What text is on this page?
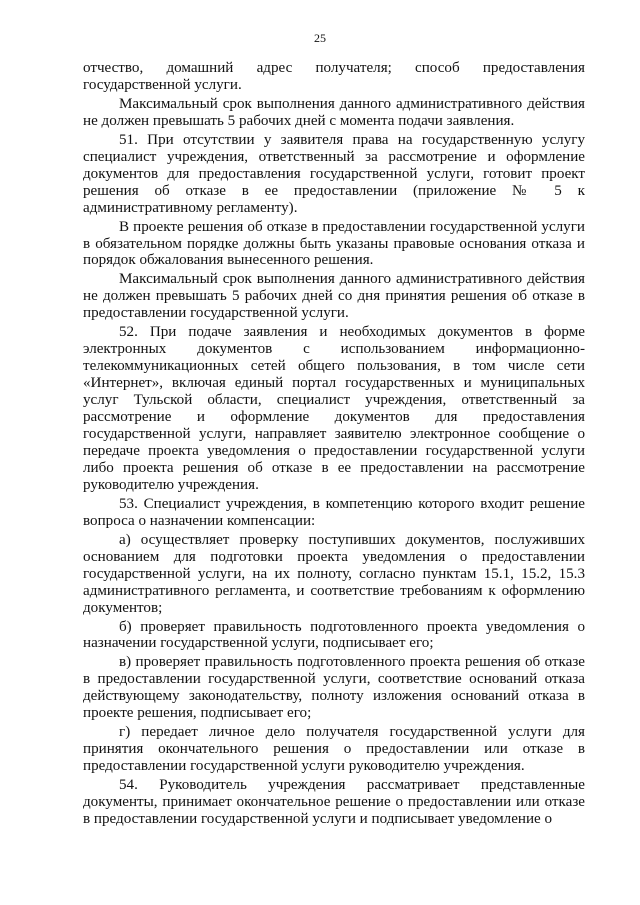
25

отчество, домашний адрес получателя; способ предоставления государственной услуги.

Максимальный срок выполнения данного административного действия не должен превышать 5 рабочих дней с момента подачи заявления.

51. При отсутствии у заявителя права на государственную услугу специалист учреждения, ответственный за рассмотрение и оформление документов для предоставления государственной услуги, готовит проект решения об отказе в ее предоставлении (приложение № 5 к административному регламенту).

В проекте решения об отказе в предоставлении государственной услуги в обязательном порядке должны быть указаны правовые основания отказа и порядок обжалования вынесенного решения.

Максимальный срок выполнения данного административного действия не должен превышать 5 рабочих дней со дня принятия решения об отказе в предоставлении государственной услуги.

52. При подаче заявления и необходимых документов в форме электронных документов с использованием информационно-телекоммуникационных сетей общего пользования, в том числе сети «Интернет», включая единый портал государственных и муниципальных услуг Тульской области, специалист учреждения, ответственный за рассмотрение и оформление документов для предоставления государственной услуги, направляет заявителю электронное сообщение о передаче проекта уведомления о предоставлении государственной услуги либо проекта решения об отказе в ее предоставлении на рассмотрение руководителю учреждения.

53. Специалист учреждения, в компетенцию которого входит решение вопроса о назначении компенсации:

а) осуществляет проверку поступивших документов, послуживших основанием для подготовки проекта уведомления о предоставлении государственной услуги, на их полноту, согласно пунктам 15.1, 15.2, 15.3 административного регламента, и соответствие требованиям к оформлению документов;

б) проверяет правильность подготовленного проекта уведомления о назначении государственной услуги, подписывает его;

в) проверяет правильность подготовленного проекта решения об отказе в предоставлении государственной услуги, соответствие оснований отказа действующему законодательству, полноту изложения оснований отказа в проекте решения, подписывает его;

г) передает личное дело получателя государственной услуги для принятия окончательного решения о предоставлении или отказе в предоставлении государственной услуги руководителю учреждения.

54. Руководитель учреждения рассматривает представленные документы, принимает окончательное решение о предоставлении или отказе в предоставлении государственной услуги и подписывает уведомление о
